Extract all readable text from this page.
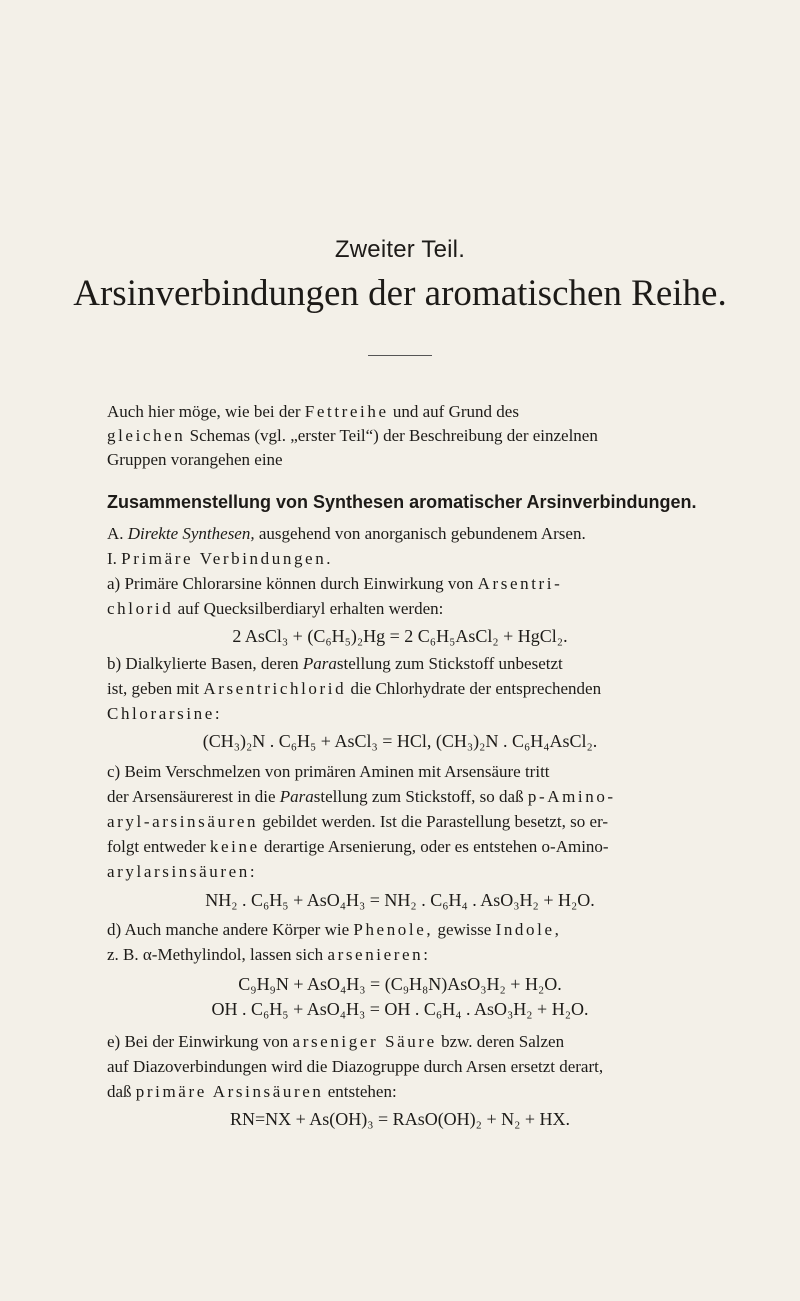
Zweiter Teil.
Arsinverbindungen der aromatischen Reihe.
Auch hier möge, wie bei der Fettreihe und auf Grund des
gleichen Schemas (vgl. „erster Teil“) der Beschreibung der einzelnen
Gruppen vorangehen eine
Zusammenstellung von Synthesen aromatischer Arsinverbindungen.
A. Direkte Synthesen, ausgehend von anorganisch gebundenem Arsen.
I. Primäre Verbindungen.
a) Primäre Chlorarsine können durch Einwirkung von Arsentri-
chlorid auf Quecksilberdiaryl erhalten werden:
2 AsCl₃ + (C₆H₅)₂Hg = 2 C₆H₅AsCl₂ + HgCl₂.
b) Dialkylierte Basen, deren Parastellung zum Stickstoff unbesetzt
ist, geben mit Arsentrichlorid die Chlorhydrate der entsprechenden
Chlorarsine:
(CH₃)₂N . C₆H₅ + AsCl₃ = HCl, (CH₃)₂N . C₆H₄AsCl₂.
c) Beim Verschmelzen von primären Aminen mit Arsensäure tritt
der Arsensäurerest in die Parastellung zum Stickstoff, so daß p-Amino-
aryl-arsinsäuren gebildet werden. Ist die Parastellung besetzt, so er-
folgt entweder keine derartige Arsenierung, oder es entstehen o-Amino-
arylarsinsäuren:
NH₂ . C₆H₅ + AsO₄H₃ = NH₂ . C₆H₄ . AsO₃H₂ + H₂O.
d) Auch manche andere Körper wie Phenole, gewisse Indole,
z. B. α-Methylindol, lassen sich arsenieren:
C₉H₉N + AsO₄H₃ = (C₉H₈N)AsO₃H₂ + H₂O.
OH . C₆H₅ + AsO₄H₃ = OH . C₆H₄ . AsO₃H₂ + H₂O.
e) Bei der Einwirkung von arseniger Säure bzw. deren Salzen
auf Diazoverbindungen wird die Diazogruppe durch Arsen ersetzt derart,
daß primäre Arsinsäuren entstehen:
RN=NX + As(OH)₃ = RAsO(OH)₂ + N₂ + HX.
